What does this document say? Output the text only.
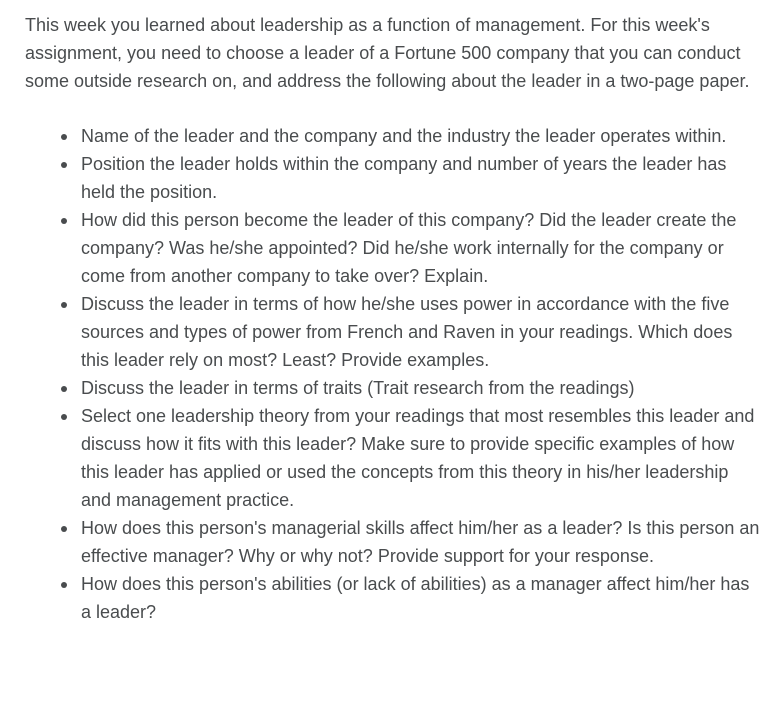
This week you learned about leadership as a function of management. For this week's assignment, you need to choose a leader of a Fortune 500 company that you can conduct some outside research on, and address the following about the leader in a two-page paper.

Name of the leader and the company and the industry the leader operates within.
Position the leader holds within the company and number of years the leader has held the position.
How did this person become the leader of this company? Did the leader create the company? Was he/she appointed? Did he/she work internally for the company or come from another company to take over? Explain.
Discuss the leader in terms of how he/she uses power in accordance with the five sources and types of power from French and Raven in your readings. Which does this leader rely on most? Least? Provide examples.
Discuss the leader in terms of traits (Trait research from the readings)
Select one leadership theory from your readings that most resembles this leader and discuss how it fits with this leader? Make sure to provide specific examples of how this leader has applied or used the concepts from this theory in his/her leadership and management practice.
How does this person's managerial skills affect him/her as a leader? Is this person an effective manager? Why or why not? Provide support for your response.
How does this person's abilities (or lack of abilities) as a manager affect him/her has a leader?
